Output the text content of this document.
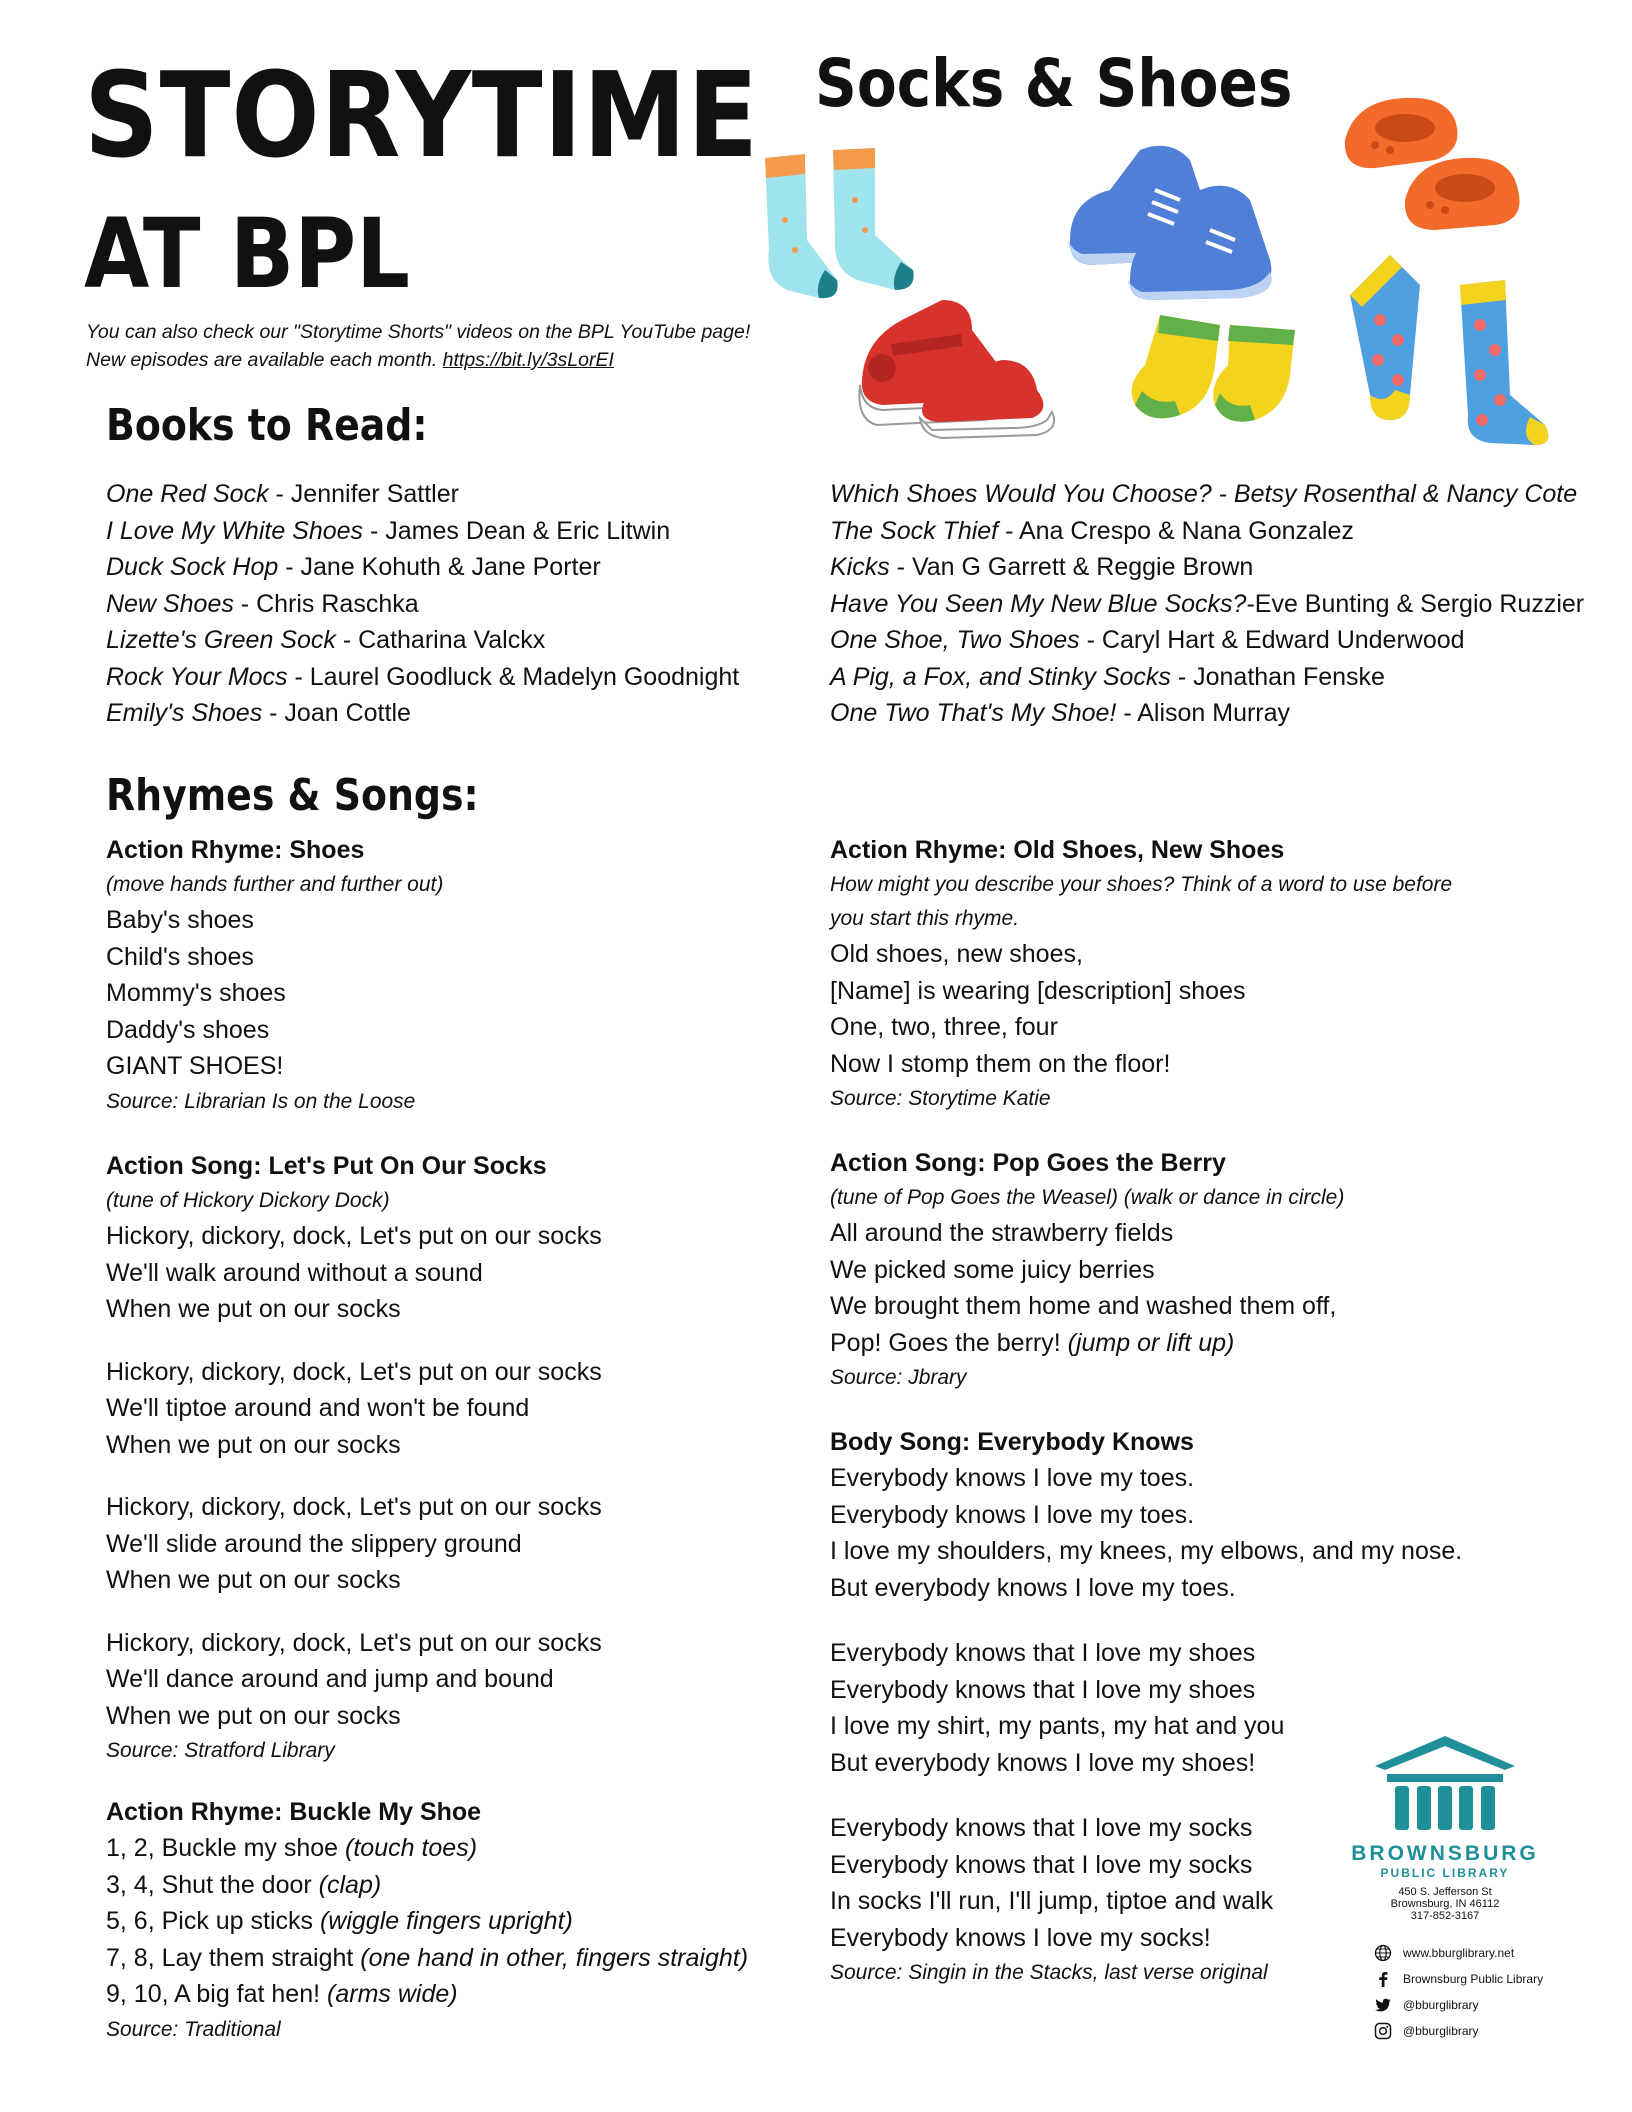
STORYTIME
AT BPL
Socks & Shoes
You can also check our "Storytime Shorts" videos on the BPL YouTube page! New episodes are available each month. https://bit.ly/3sLorEI
Books to Read:
One Red Sock - Jennifer Sattler
I Love My White Shoes - James Dean & Eric Litwin
Duck Sock Hop - Jane Kohuth & Jane Porter
New Shoes - Chris Raschka
Lizette's Green Sock - Catharina Valckx
Rock Your Mocs - Laurel Goodluck & Madelyn Goodnight
Emily's Shoes - Joan Cottle
Which Shoes Would You Choose? - Betsy Rosenthal & Nancy Cote
The Sock Thief - Ana Crespo & Nana Gonzalez
Kicks - Van G Garrett & Reggie Brown
Have You Seen My New Blue Socks?-Eve Bunting & Sergio Ruzzier
One Shoe, Two Shoes - Caryl Hart & Edward Underwood
A Pig, a Fox, and Stinky Socks - Jonathan Fenske
One Two That's My Shoe! - Alison Murray
Rhymes & Songs:
Action Rhyme: Shoes
(move hands further and further out)
Baby's shoes
Child's shoes
Mommy's shoes
Daddy's shoes
GIANT SHOES!
Source: Librarian Is on the Loose
Action Song: Let's Put On Our Socks
(tune of Hickory Dickory Dock)
Hickory, dickory, dock, Let's put on our socks
We'll walk around without a sound
When we put on our socks
Hickory, dickory, dock, Let's put on our socks
We'll tiptoe around and won't be found
When we put on our socks
Hickory, dickory, dock, Let's put on our socks
We'll slide around the slippery ground
When we put on our socks
Hickory, dickory, dock, Let's put on our socks
We'll dance around and jump and bound
When we put on our socks
Source: Stratford Library
Action Rhyme: Buckle My Shoe
1, 2, Buckle my shoe (touch toes)
3, 4, Shut the door (clap)
5, 6, Pick up sticks (wiggle fingers upright)
7, 8, Lay them straight (one hand in other, fingers straight)
9, 10, A big fat hen! (arms wide)
Source: Traditional
Action Rhyme: Old Shoes, New Shoes
How might you describe your shoes? Think of a word to use before
you start this rhyme.
Old shoes, new shoes,
[Name] is wearing [description] shoes
One, two, three, four
Now I stomp them on the floor!
Source: Storytime Katie
Action Song: Pop Goes the Berry
(tune of Pop Goes the Weasel) (walk or dance in circle)
All around the strawberry fields
We picked some juicy berries
We brought them home and washed them off,
Pop! Goes the berry! (jump or lift up)
Source: Jbrary
Body Song: Everybody Knows
Everybody knows I love my toes.
Everybody knows I love my toes.
I love my shoulders, my knees, my elbows, and my nose.
But everybody knows I love my toes.
Everybody knows that I love my shoes
Everybody knows that I love my shoes
I love my shirt, my pants, my hat and you
But everybody knows I love my shoes!
Everybody knows that I love my socks
Everybody knows that I love my socks
In socks I'll run, I'll jump, tiptoe and walk
Everybody knows I love my socks!
Source: Singin in the Stacks, last verse original
BROWNSBURG
PUBLIC LIBRARY
450 S. Jefferson St
Brownsburg, IN 46112
317-852-3167
www.bburglibrary.net
Brownsburg Public Library
@bburglibrary
@bburglibrary
